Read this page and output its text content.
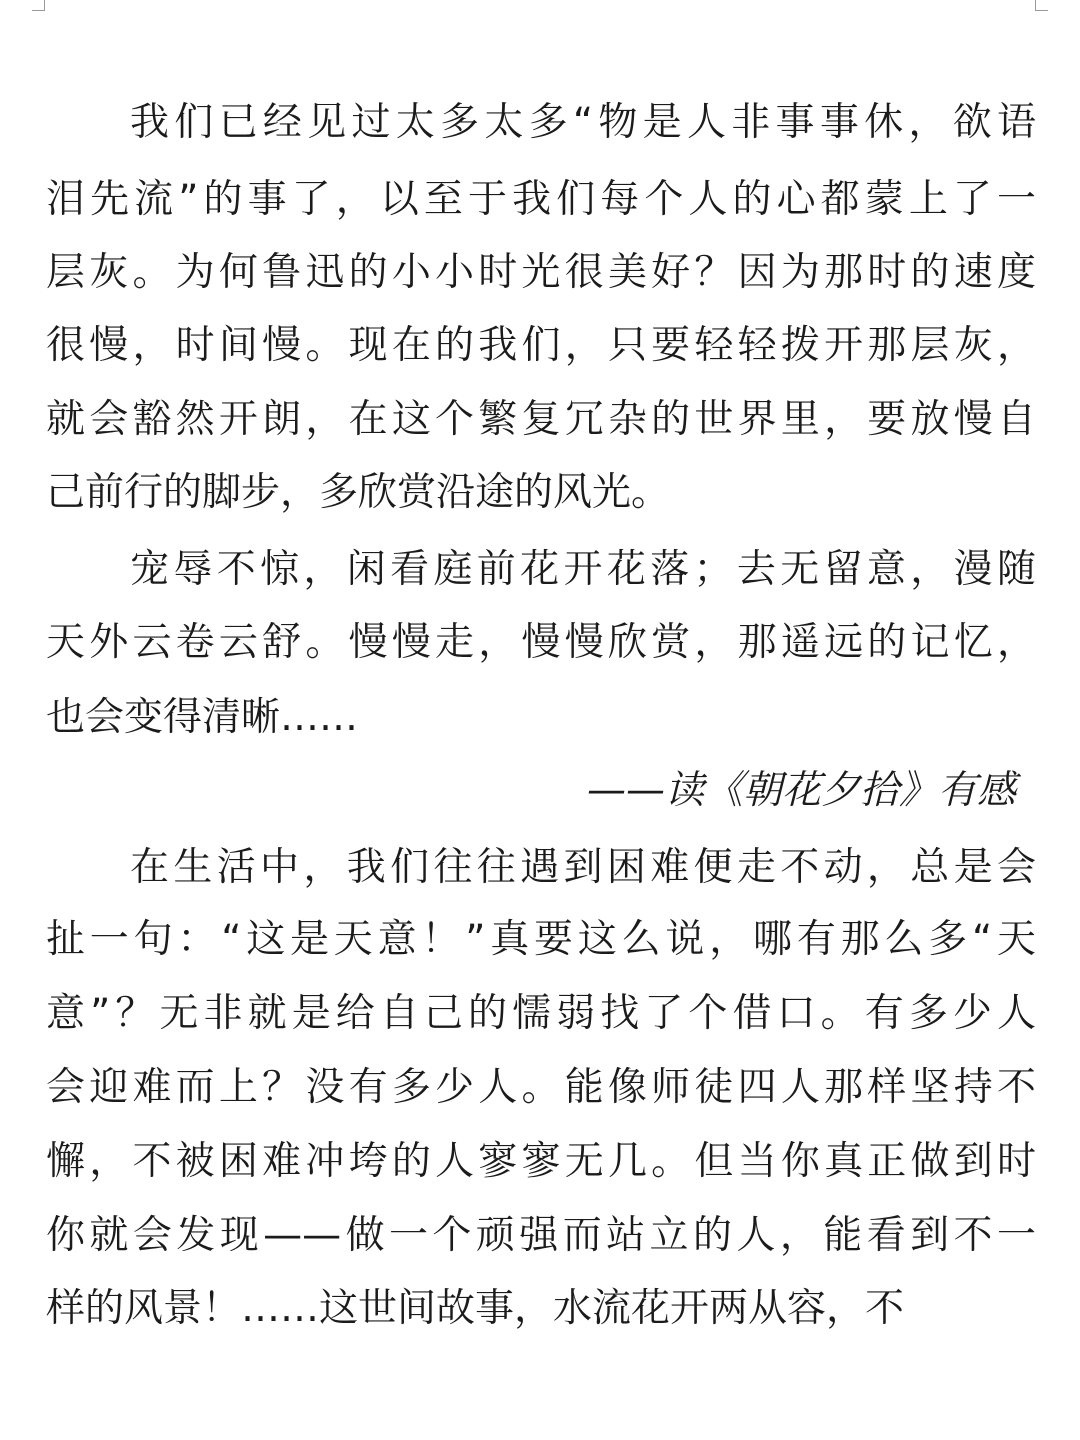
我们已经见过太多太多“物是人非事事休，欲语
泪先流”的事了，以至于我们每个人的心都蒙上了一
层灰。为何鲁迅的小小时光很美好？因为那时的速度
很慢，时间慢。现在的我们，只要轻轻拨开那层灰，
就会豁然开朗，在这个繁复冗杂的世界里，要放慢自
己前行的脚步，多欣赏沿途的风光。
宠辱不惊，闲看庭前花开花落；去无留意，漫随
天外云卷云舒。慢慢走，慢慢欣赏，那遥远的记忆，
也会变得清晰……
——读《朝花夕拾》有感
在生活中，我们往往遇到困难便走不动，总是会
扯一句：“这是天意！”真要这么说，哪有那么多“天
意”？无非就是给自己的懦弱找了个借口。有多少人
会迎难而上？没有多少人。能像师徒四人那样坚持不
懈，不被困难冲垮的人寥寥无几。但当你真正做到时
你就会发现——做一个顽强而站立的人，能看到不一
样的风景！……这世间故事，水流花开两从容，不
